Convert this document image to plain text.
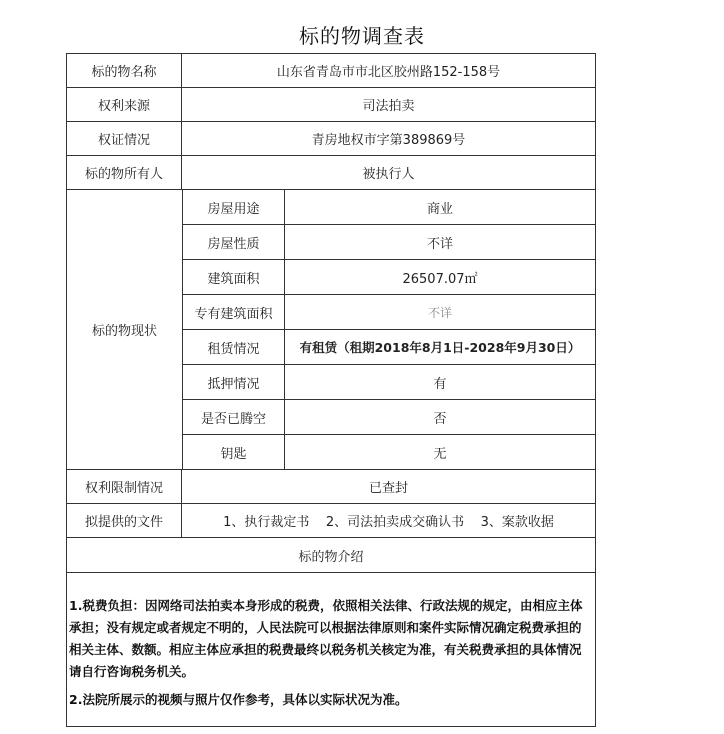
标的物调查表
标的物名称	山东省青岛市市北区胶州路152-158号
权利来源	司法拍卖
权证情况	青房地权市字第389869号
标的物所有人	被执行人
标的物现状
房屋用途	商业
房屋性质	不详
建筑面积	26507.07㎡
专有建筑面积	不详
租赁情况	有租赁（租期2018年8月1日-2028年9月30日）
抵押情况	有
是否已腾空	否
钥匙	无
权利限制情况	已查封
拟提供的文件	1、执行裁定书    2、司法拍卖成交确认书    3、案款收据
标的物介绍

1.税费负担：因网络司法拍卖本身形成的税费，依照相关法律、行政法规的规定，由相应主体承担；没有规定或者规定不明的，人民法院可以根据法律原则和案件实际情况确定税费承担的相关主体、数额。相应主体应承担的税费最终以税务机关核定为准，有关税费承担的具体情况请自行咨询税务机关。

2.法院所展示的视频与照片仅作参考，具体以实际状况为准。
